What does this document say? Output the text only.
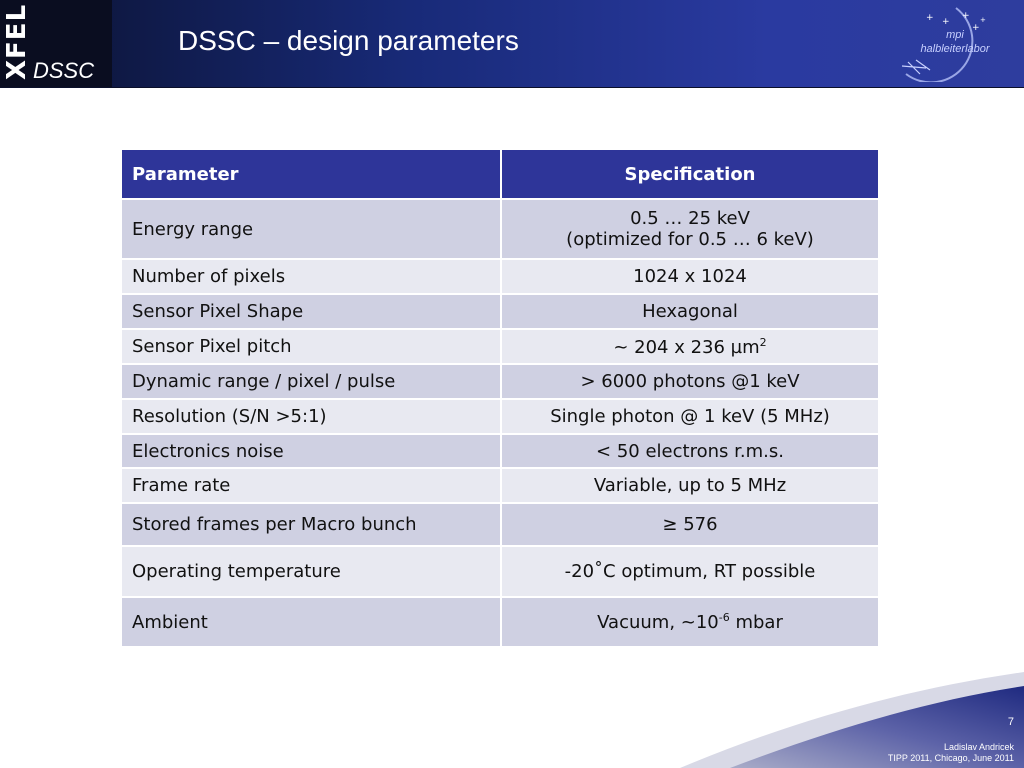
XFEL DSSC
DSSC – design parameters
+ +
+
+
+
mpi
halbleiterlabor
Parameter	Specification
Energy range	0.5 … 25 keV
(optimized for 0.5 … 6 keV)

Number of pixels	1024 x 1024
Sensor Pixel Shape	Hexagonal
Sensor Pixel pitch	~ 204 x 236 µm$^2$
Dynamic range / pixel / pulse	> 6000 photons @1 keV
Resolution (S/N >5:1)	Single photon @ 1 keV (5 MHz)
Electronics noise	< 50 electrons r.m.s.
Frame rate	Variable, up to 5 MHz
Stored frames per Macro bunch	≥ 576
Operating temperature	-20˚C optimum, RT possible
Ambient	Vacuum, $\sim 10^{-6}$ mbar
7
Ladislav Andricek
TIPP 2011, Chicago, June 2011
